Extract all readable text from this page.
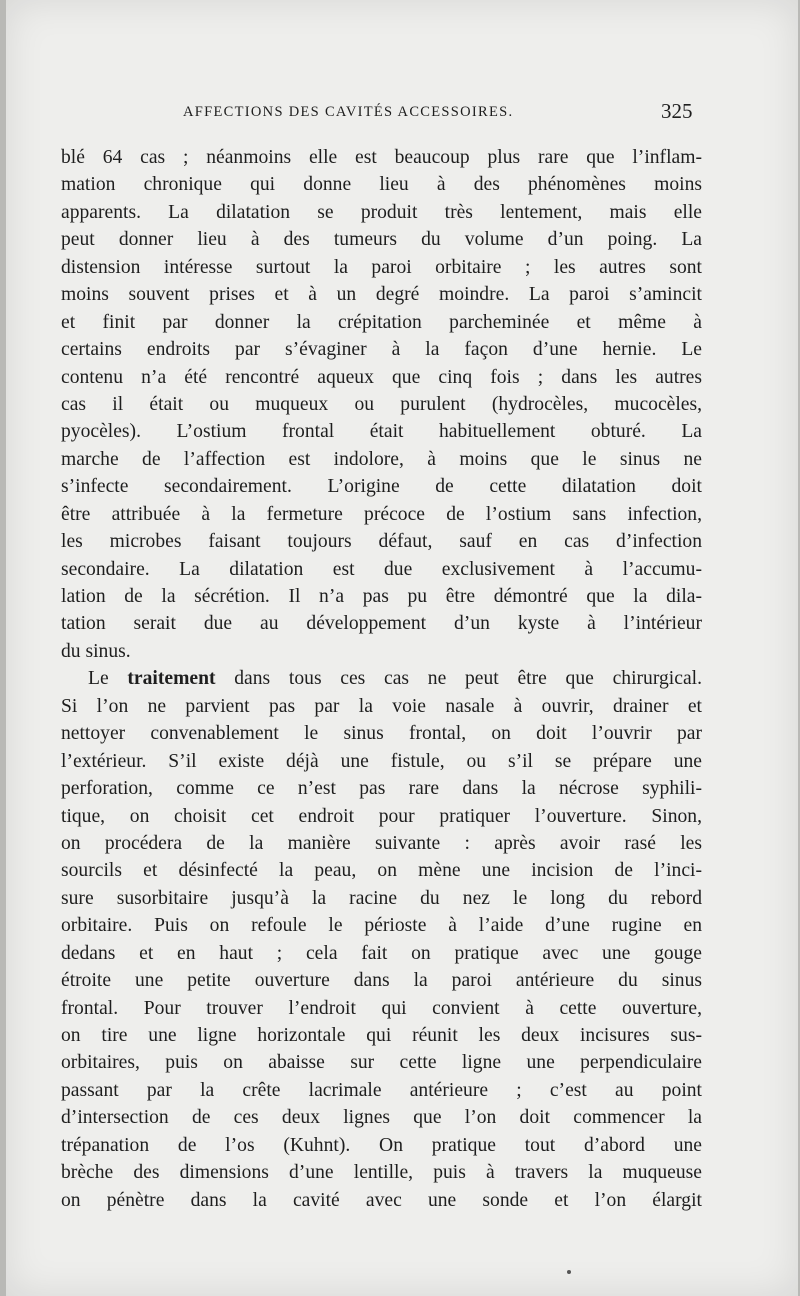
AFFECTIONS DES CAVITÉS ACCESSOIRES.	325
blé 64 cas ; néanmoins elle est beaucoup plus rare que l’inflam-
mation chronique qui donne lieu à des phénomènes moins
apparents. La dilatation se produit très lentement, mais elle
peut donner lieu à des tumeurs du volume d’un poing. La
distension intéresse surtout la paroi orbitaire ; les autres sont
moins souvent prises et à un degré moindre. La paroi s’amincit
et finit par donner la crépitation parcheminée et même à
certains endroits par s’évaginer à la façon d’une hernie. Le
contenu n’a été rencontré aqueux que cinq fois ; dans les autres
cas il était ou muqueux ou purulent (hydrocèles, mucocèles,
pyocèles). L’ostium frontal était habituellement obturé. La
marche de l’affection est indolore, à moins que le sinus ne
s’infecte secondairement. L’origine de cette dilatation doit
être attribuée à la fermeture précoce de l’ostium sans infection,
les microbes faisant toujours défaut, sauf en cas d’infection
secondaire. La dilatation est due exclusivement à l’accumu-
lation de la sécrétion. Il n’a pas pu être démontré que la dila-
tation serait due au développement d’un kyste à l’intérieur
du sinus.
Le traitement dans tous ces cas ne peut être que chirurgical.
Si l’on ne parvient pas par la voie nasale à ouvrir, drainer et
nettoyer convenablement le sinus frontal, on doit l’ouvrir par
l’extérieur. S’il existe déjà une fistule, ou s’il se prépare une
perforation, comme ce n’est pas rare dans la nécrose syphili-
tique, on choisit cet endroit pour pratiquer l’ouverture. Sinon,
on procédera de la manière suivante : après avoir rasé les
sourcils et désinfecté la peau, on mène une incision de l’inci-
sure susorbitaire jusqu’à la racine du nez le long du rebord
orbitaire. Puis on refoule le périoste à l’aide d’une rugine en
dedans et en haut ; cela fait on pratique avec une gouge
étroite une petite ouverture dans la paroi antérieure du sinus
frontal. Pour trouver l’endroit qui convient à cette ouverture,
on tire une ligne horizontale qui réunit les deux incisures sus-
orbitaires, puis on abaisse sur cette ligne une perpendiculaire
passant par la crête lacrimale antérieure ; c’est au point
d’intersection de ces deux lignes que l’on doit commencer la
trépanation de l’os (Kuhnt). On pratique tout d’abord une
brèche des dimensions d’une lentille, puis à travers la muqueuse
on pénètre dans la cavité avec une sonde et l’on élargit
